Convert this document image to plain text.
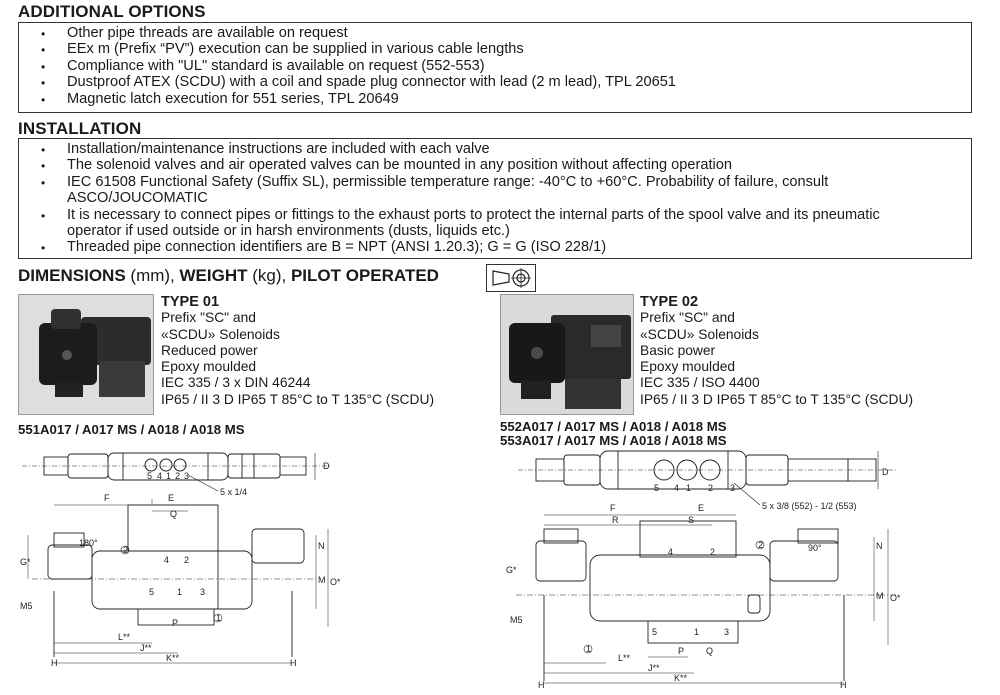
ADDITIONAL OPTIONS
• Other pipe threads are available on request
• EEx m (Prefix “PV”) execution can be supplied in various cable lengths
• Compliance with "UL" standard is available on request (552-553)
• Dustproof ATEX (SCDU) with a coil and spade plug connector with lead (2 m lead), TPL 20651
• Magnetic latch execution for 551 series, TPL 20649
INSTALLATION
• Installation/maintenance instructions are included with each valve
• The solenoid valves and air operated valves can be mounted in any position without affecting operation
• IEC 61508 Functional Safety (Suffix SL), permissible temperature range: -40°C to +60°C. Probability of failure, consult ASCO/JOUCOMATIC
• It is necessary to connect pipes or fittings to the exhaust ports to protect the internal parts of the spool valve and its pneumatic operator if used outside or in harsh environments (dusts, liquids etc.)
• Threaded pipe connection identifiers are B = NPT (ANSI 1.20.3); G = G (ISO 228/1)
DIMENSIONS (mm), WEIGHT (kg), PILOT OPERATED
TYPE 01
Prefix "SC" and
«SCDU» Solenoids
Reduced power
Epoxy moulded
IEC 335 / 3 x DIN 46244
IP65 / II 3 D IP65 T 85°C to T 135°C (SCDU)
551A017 / A017 MS / A018 / A018 MS
TYPE 02
Prefix "SC" and
«SCDU» Solenoids
Basic power
Epoxy moulded
IEC 335 / ISO 4400
IP65 / II 3 D IP65 T 85°C to T 135°C (SCDU)
552A017 / A017 MS / A018 / A018 MS
553A017 / A017 MS / A018 / A018 MS
5 4 1 2 3
5 x 1/4
D
F	E
Q
P
L**
J**
K**
H	H
G*
M5
M O*
N
180°
4 2
5	1 3
1
2
5 4 1 2 3
5 x 3/8 (552) - 1/2 (553)
D
F	E
R	S
P Q
L**
J**
K**
H	H
G*
M5
M O*
N
90°
4	2
5	1	3
1
2
